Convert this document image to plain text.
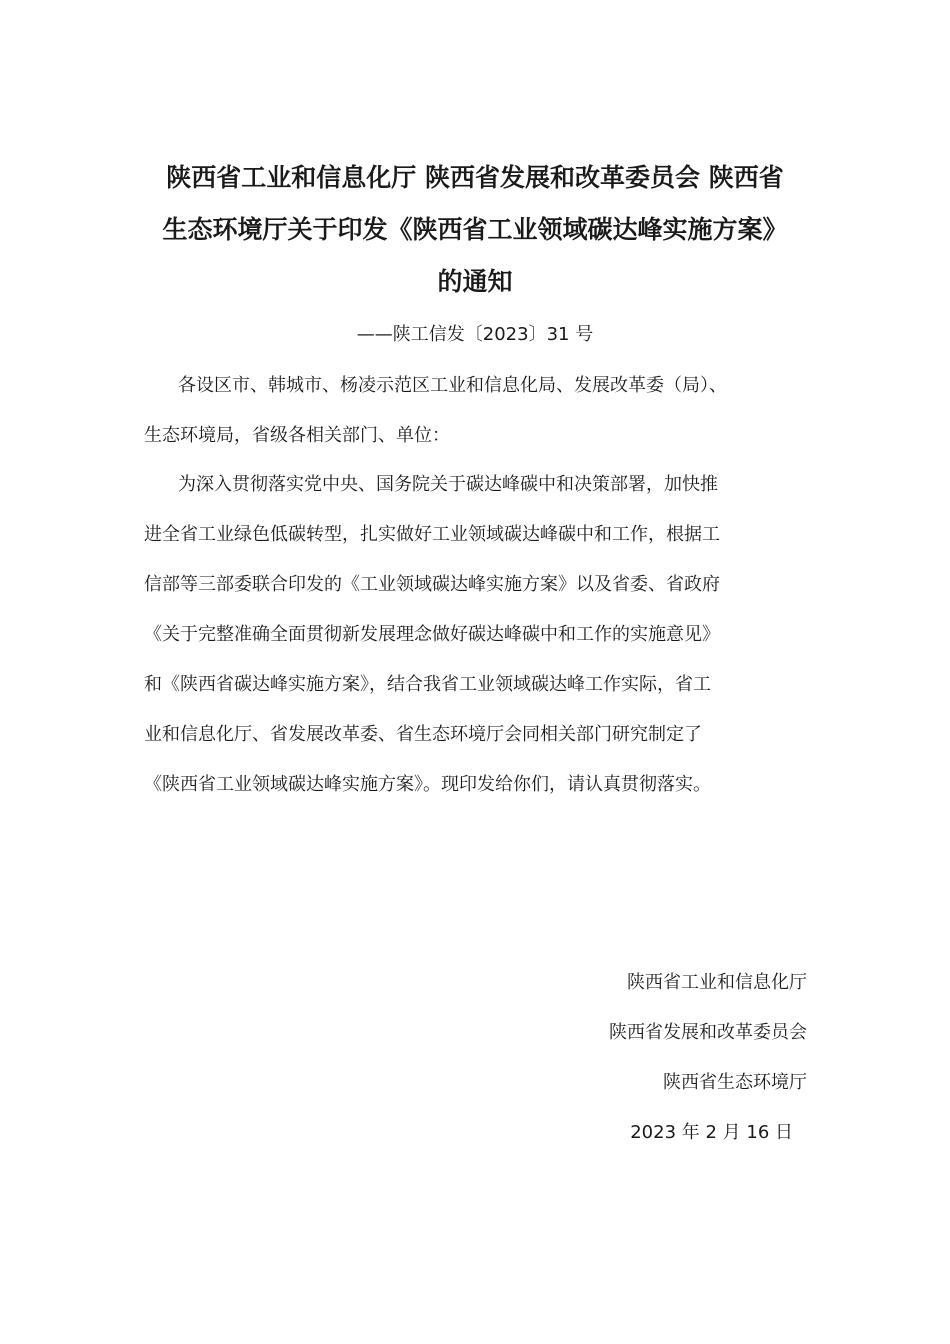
陕西省工业和信息化厅 陕西省发展和改革委员会 陕西省
生态环境厅关于印发《陕西省工业领域碳达峰实施方案》
的通知
——陕工信发〔2023〕31 号
各设区市、韩城市、杨凌示范区工业和信息化局、发展改革委（局）、
生态环境局，省级各相关部门、单位：
为深入贯彻落实党中央、国务院关于碳达峰碳中和决策部署，加快推
进全省工业绿色低碳转型，扎实做好工业领域碳达峰碳中和工作，根据工
信部等三部委联合印发的《工业领域碳达峰实施方案》以及省委、省政府
《关于完整准确全面贯彻新发展理念做好碳达峰碳中和工作的实施意见》
和《陕西省碳达峰实施方案》，结合我省工业领域碳达峰工作实际，省工
业和信息化厅、省发展改革委、省生态环境厅会同相关部门研究制定了
《陕西省工业领域碳达峰实施方案》。现印发给你们，请认真贯彻落实。
陕西省工业和信息化厅
陕西省发展和改革委员会
陕西省生态环境厅
2023 年 2 月 16 日
